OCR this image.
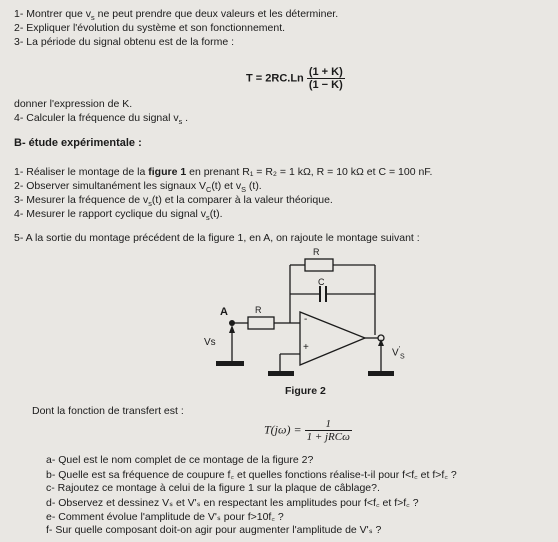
1- Montrer que $v_s$ ne peut prendre que deux valeurs et les déterminer.
2- Expliquer l'évolution du système et son fonctionnement.
3- La période du signal obtenu est de la forme :
$T = 2RC.Ln \frac{(1 + K)}{(1 - K)}$
donner l'expression de K.
4- Calculer la fréquence du signal $v_s$ .
B- étude expérimentale :
1- Réaliser le montage de la figure 1 en prenant R₁ = R₂ = 1 kΩ, R = 10 kΩ et C = 100 nF.
2- Observer simultanément les signaux $V_C(t)$ et $v_S$ (t).
3- Mesurer la fréquence de $v_s(t)$ et la comparer à la valeur théorique.
4- Mesurer le rapport cyclique du signal $v_s(t)$.
5- A la sortie du montage précédent de la figure 1, en A, on rajoute le montage suivant :
R
C
A	R
-
+
Vs
$V'_S$
Figure 2
Dont la fonction de transfert est :
$T(j\omega) = \frac{1}{\text{1 + jRCω}}$
a- Quel est le nom complet de ce montage de la figure 2?
b- Quelle est sa fréquence de coupure f꜀ et quelles fonctions réalise-t-il pour f<f꜀ et f>f꜀ ?
c- Rajoutez ce montage à celui de la figure 1 sur la plaque de câblage?.
d- Observez et dessinez Vₛ et V'ₛ en respectant les amplitudes pour f<f꜀ et f>f꜀ ?
e- Comment évolue l'amplitude de V'ₛ pour f>10f꜀ ?
f- Sur quelle composant doit-on agir pour augmenter l'amplitude de V'ₛ ?
